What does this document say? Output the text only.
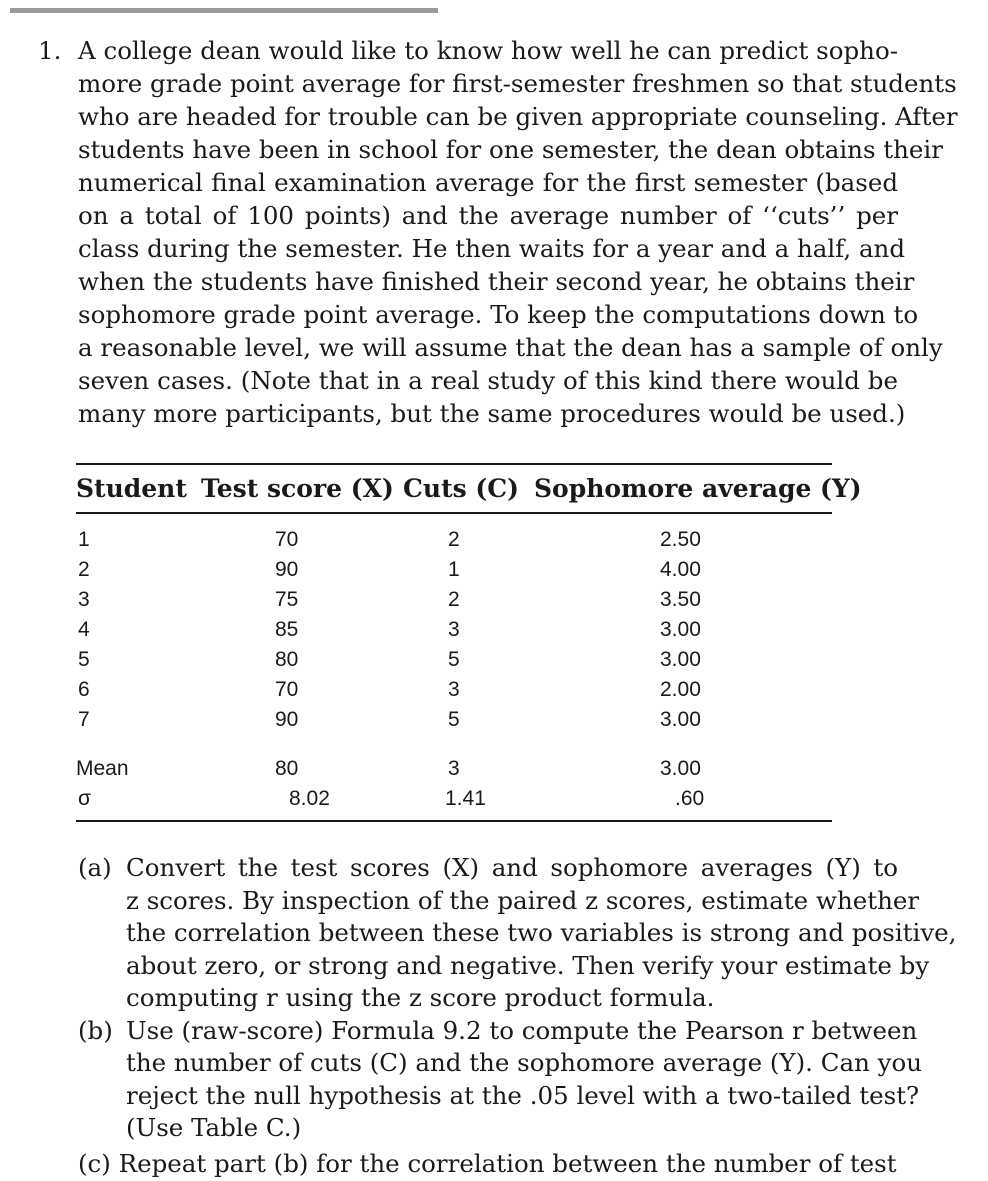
1. A college dean would like to know how well he can predict sopho-
more grade point average for first-semester freshmen so that students
who are headed for trouble can be given appropriate counseling. After
students have been in school for one semester, the dean obtains their
numerical final examination average for the first semester (based
on a total of 100 points) and the average number of ‘‘cuts’’ per
class during the semester. He then waits for a year and a half, and
when the students have finished their second year, he obtains their
sophomore grade point average. To keep the computations down to
a reasonable level, we will assume that the dean has a sample of only
seven cases. (Note that in a real study of this kind there would be
many more participants, but the same procedures would be used.)
Student Test score (X) Cuts (C) Sophomore average (Y)
1	70	2	2.50
2	90	1	4.00
3	75	2	3.50
4	85	3	3.00
5	80	5	3.00
6	70	3	2.00
7	90	5	3.00
Mean	80	3	3.00
σ	8.02	1.41	.60
(a) Convert the test scores (X) and sophomore averages (Y) to
z scores. By inspection of the paired z scores, estimate whether
the correlation between these two variables is strong and positive,
about zero, or strong and negative. Then verify your estimate by
computing r using the z score product formula.
(b) Use (raw-score) Formula 9.2 to compute the Pearson r between
the number of cuts (C) and the sophomore average (Y). Can you
reject the null hypothesis at the .05 level with a two-tailed test?
(Use Table C.)
(c) Repeat part (b) for the correlation between the number of test
